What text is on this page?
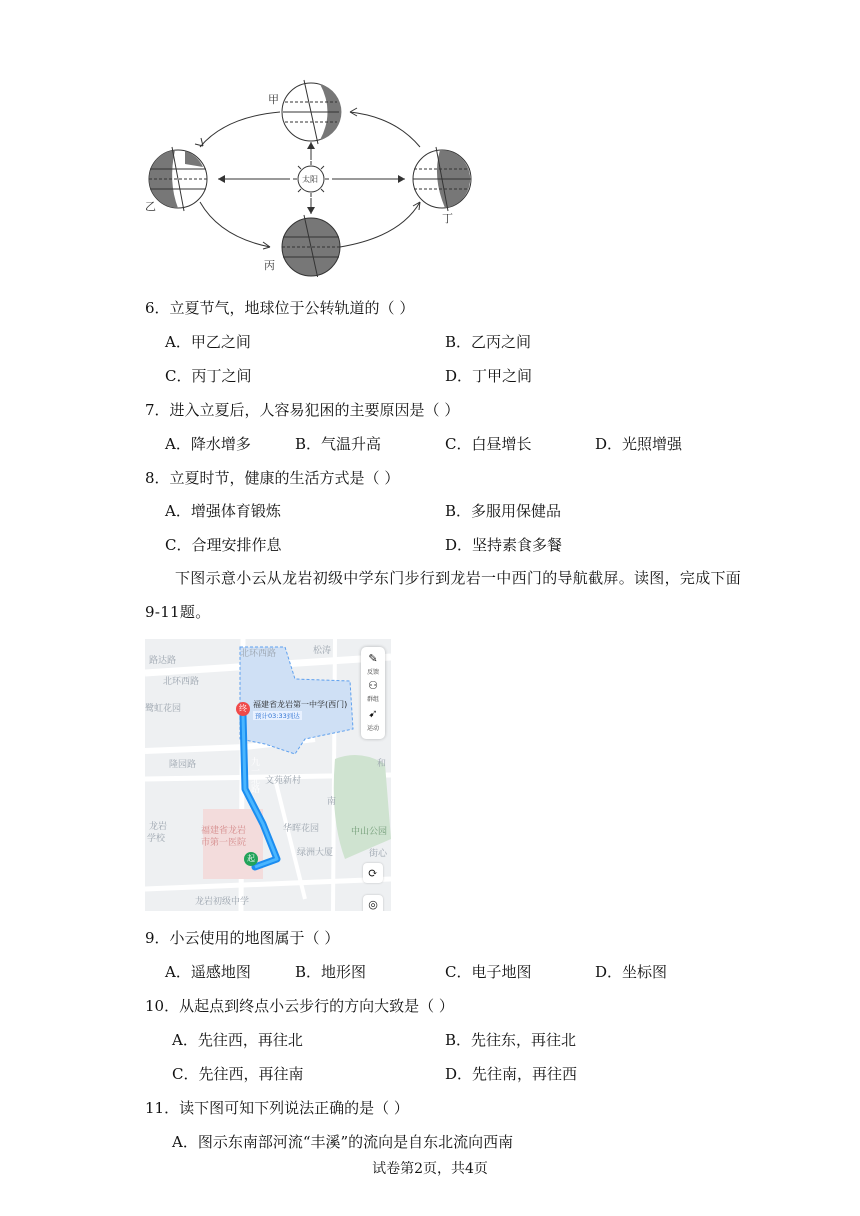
甲
乙
丙
丁
太阳
6．立夏节气，地球位于公转轨道的（ ）
A．甲乙之间	B．乙丙之间
C．丙丁之间	D．丁甲之间
7．进入立夏后，人容易犯困的主要原因是（ ）
A．降水增多	B．气温升高	C．白昼增长	D．光照增强
8．立夏时节，健康的生活方式是（ ）
A．增强体育锻炼	B．多服用保健品
C．合理安排作息	D．坚持素食多餐
下图示意小云从龙岩初级中学东门步行到龙岩一中西门的导航截屏。读图，完成下面9-11题。
北环西路	松涛
路达路
北环西路
鹭虹花园
隆园路
文苑新村
龙岩
学校
福建省龙岩
市第一医院
华晖花园
绿洲大厦
中山公园
街心
和
南
龙岩初级中学
终 福建省龙岩第一中学(西门)
预计03:33到达
起
九一北路
✎
反馈
⚇
群组
➹
运动
⟳
◎
9．小云使用的地图属于（ ）
A．遥感地图	B．地形图	C．电子地图	D．坐标图
10．从起点到终点小云步行的方向大致是（ ）
A．先往西，再往北	B．先往东，再往北
C．先往西，再往南	D．先往南，再往西
11．读下图可知下列说法正确的是（ ）
A．图示东南部河流“丰溪”的流向是自东北流向西南
试卷第2页，共4页
